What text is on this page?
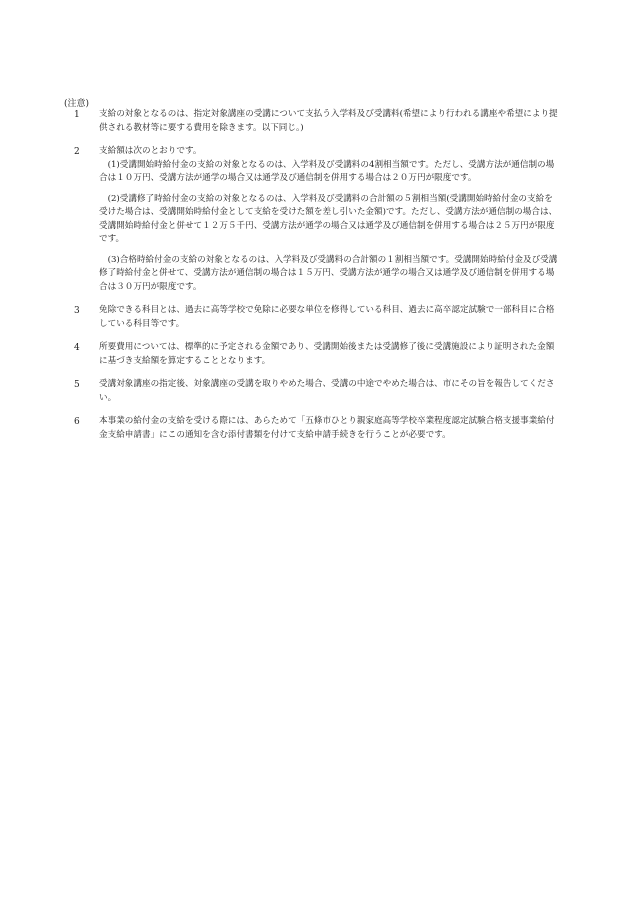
(注意)
1	支給の対象となるのは、指定対象講座の受講について支払う入学料及び受講料(希望により行われる講座や希望により提供される教材等に要する費用を除きます。以下同じ。)
2	支給額は次のとおりです。
(1)受講開始時給付金の支給の対象となるのは、入学料及び受講料の4割相当額です。ただし、受講方法が通信制の場合は１０万円、受講方法が通学の場合又は通学及び通信制を併用する場合は２０万円が限度です。
(2)受講修了時給付金の支給の対象となるのは、入学料及び受講料の合計額の５割相当額(受講開始時給付金の支給を受けた場合は、受講開始時給付金として支給を受けた額を差し引いた金額)です。ただし、受講方法が通信制の場合は、受講開始時給付金と併せて１２万５千円、受講方法が通学の場合又は通学及び通信制を併用する場合は２５万円が限度です。
(3)合格時給付金の支給の対象となるのは、入学料及び受講料の合計額の１割相当額です。受講開始時給付金及び受講修了時給付金と併せて、受講方法が通信制の場合は１５万円、受講方法が通学の場合又は通学及び通信制を併用する場合は３０万円が限度です。
3	免除できる科目とは、過去に高等学校で免除に必要な単位を修得している科目、過去に高卒認定試験で一部科目に合格している科目等です。
4	所要費用については、標準的に予定される金額であり、受講開始後または受講修了後に受講施設により証明された金額に基づき支給額を算定することとなります。
5	受講対象講座の指定後、対象講座の受講を取りやめた場合、受講の中途でやめた場合は、市にその旨を報告してください。
6	本事業の給付金の支給を受ける際には、あらためて「五條市ひとり親家庭高等学校卒業程度認定試験合格支援事業給付金支給申請書」にこの通知を含む添付書類を付けて支給申請手続きを行うことが必要です。
